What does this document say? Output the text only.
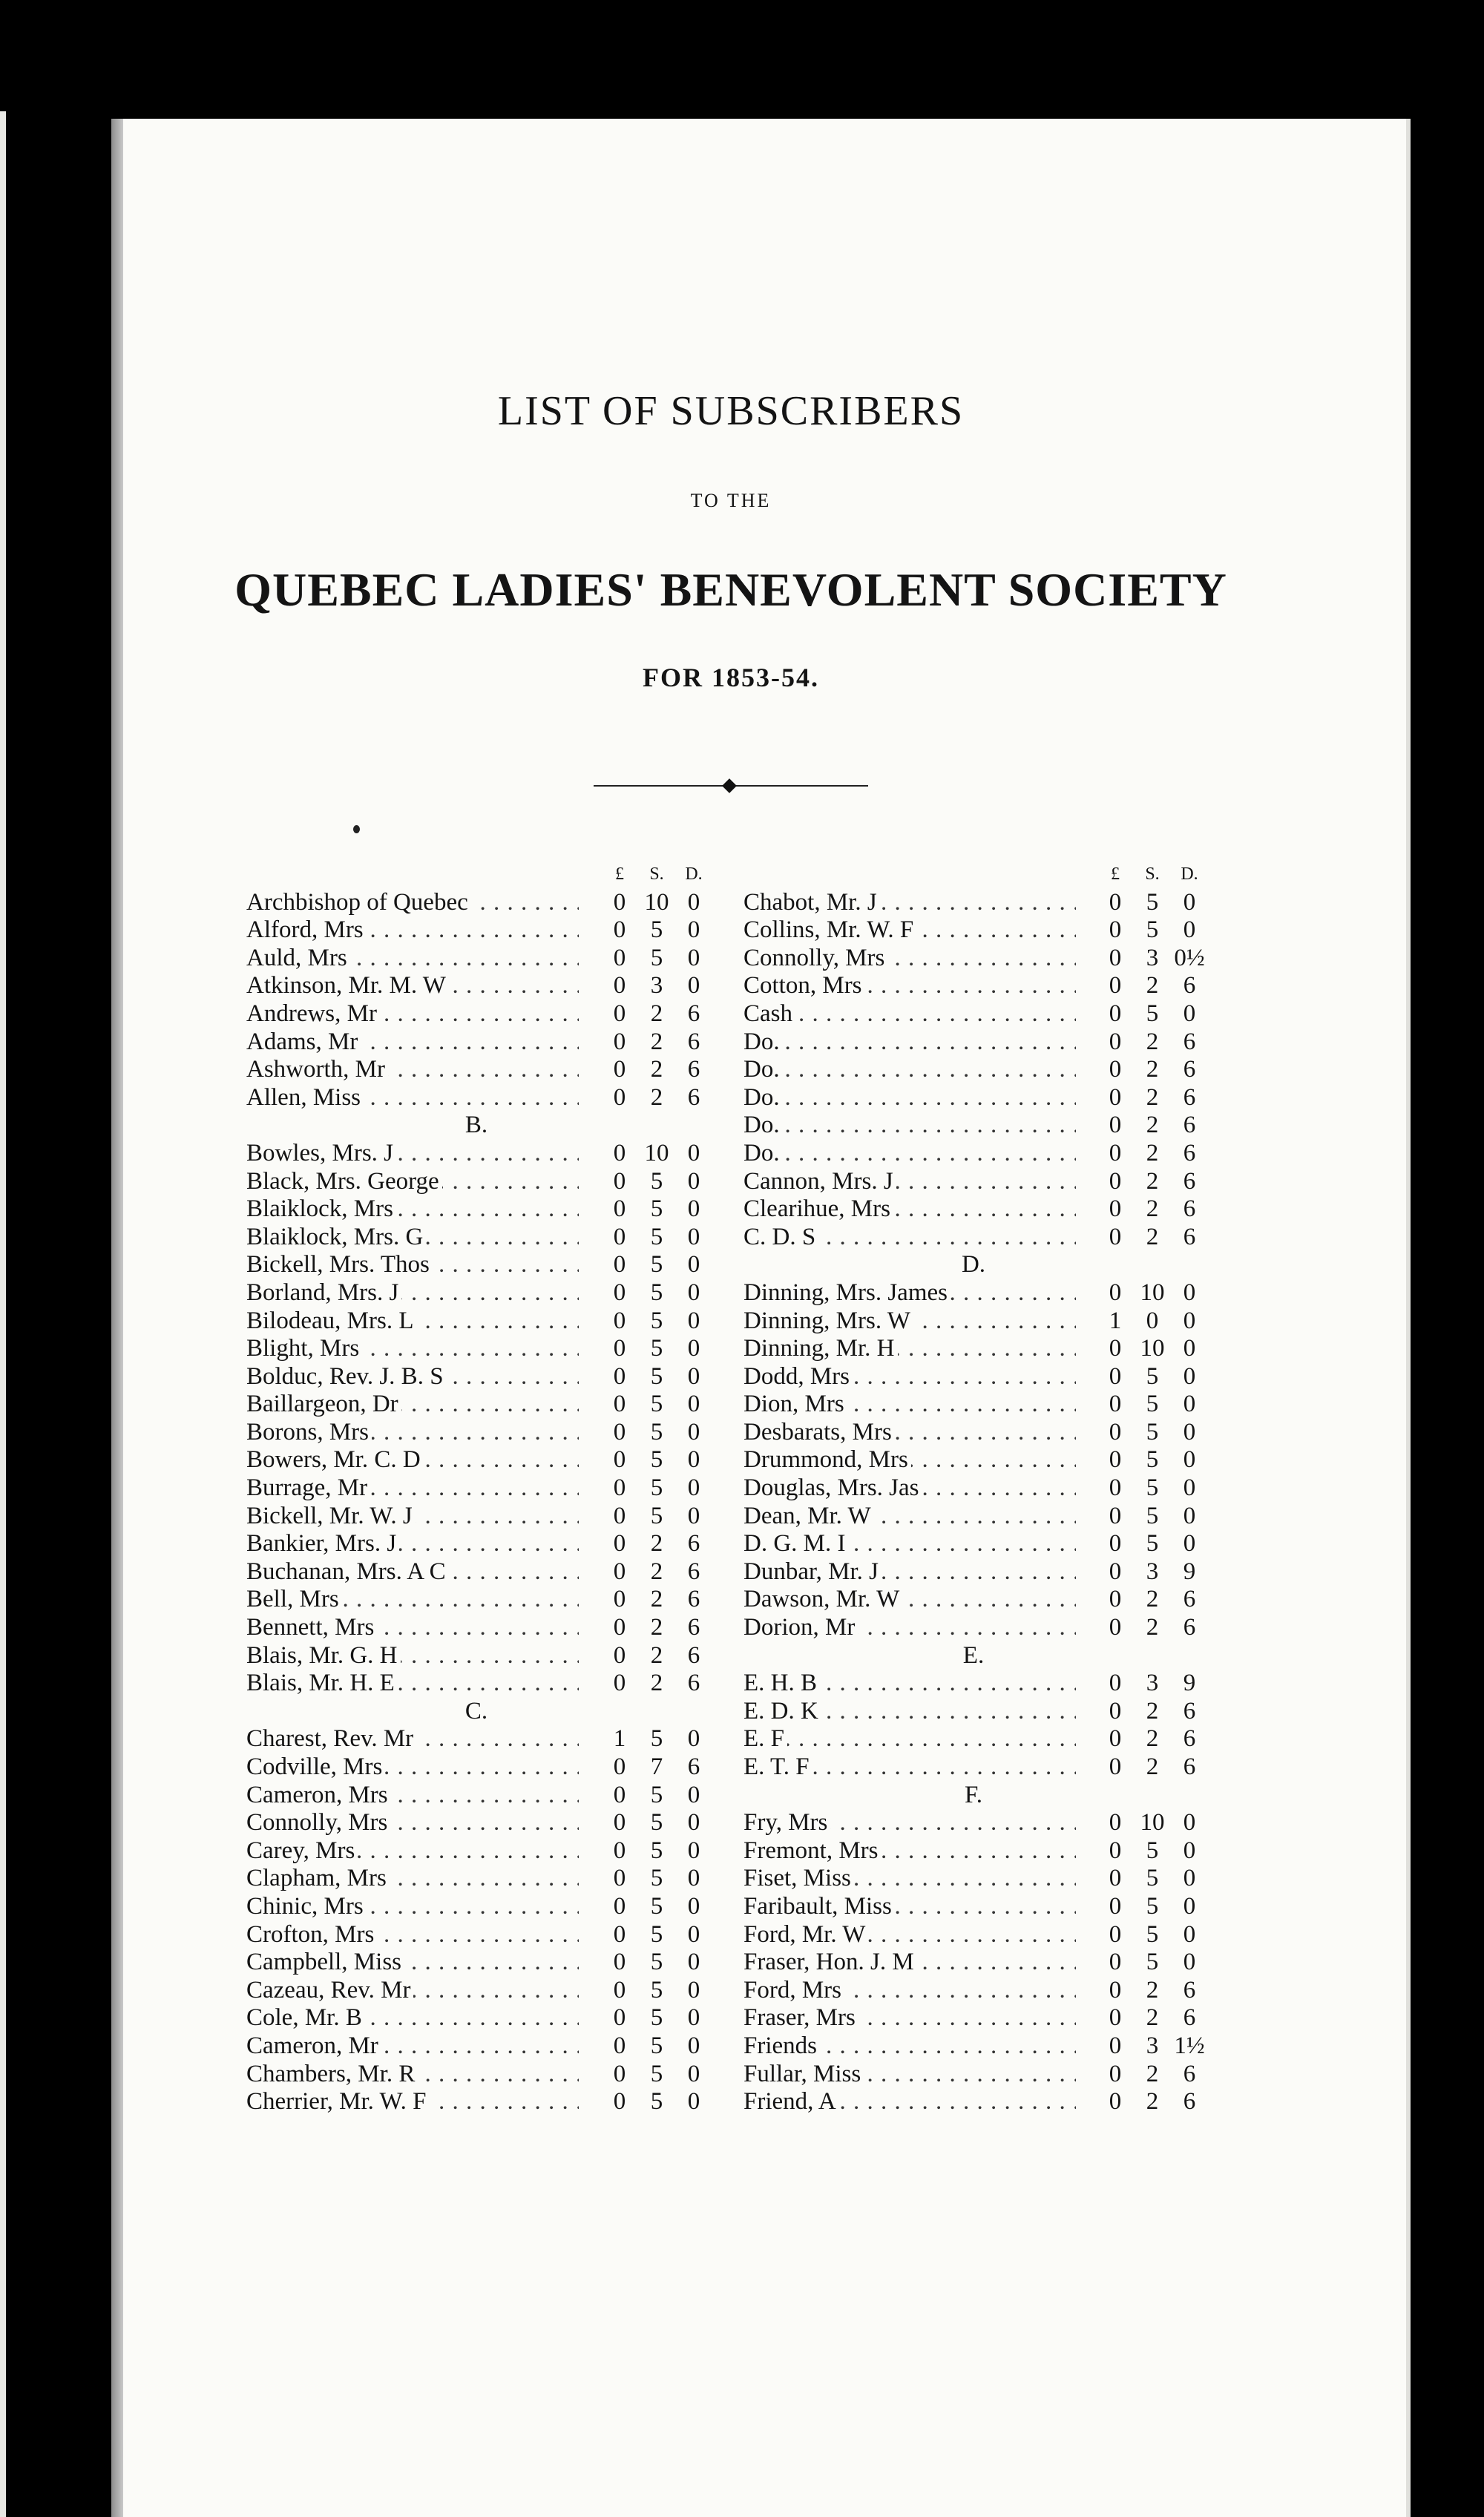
LIST OF SUBSCRIBERS
TO THE
QUEBEC LADIES' BENEVOLENT SOCIETY
FOR 1853-54.
£	S.	D.
Archbishop of Quebec . . .	0 10 0
Alford, Mrs . . .	0	5	0
Auld, Mrs . . .	0	5	0
Atkinson, Mr. M. W . . .	0	3	0
Andrews, Mr . . .	0	2	6
Adams, Mr . . .	0	2	6
Ashworth, Mr . . .	0	2	6
Allen, Miss . . .	0	2	6
B.
Bowles, Mrs. J . . .	0 10 0
Black, Mrs. George . . .	0	5	0
Blaiklock, Mrs . . .	0	5	0
Blaiklock, Mrs. G . . .	0	5	0
Bickell, Mrs. Thos . . .	0	5	0
Borland, Mrs. J . . .	0	5	0
Bilodeau, Mrs. L . . .	0	5	0
Blight, Mrs . . .	0	5	0
Bolduc, Rev. J. B. S . . .	0	5	0
Baillargeon, Dr . . .	0	5	0
Borons, Mrs . . .	0	5	0
Bowers, Mr. C. D . . .	0	5	0
Burrage, Mr . . .	0	5	0
Bickell, Mr. W. J . . .	0	5	0
Bankier, Mrs. J . . .	0	2	6
Buchanan, Mrs. A C . . .	0	2	6
Bell, Mrs . . .	0	2	6
Bennett, Mrs . . .	0	2	6
Blais, Mr. G. H . . .	0	2	6
Blais, Mr. H. E . . .	0	2	6
C.
Charest, Rev. Mr . . .	1	5	0
Codville, Mrs . . .	0	7	6
Cameron, Mrs . . .	0	5	0
Connolly, Mrs . . .	0	5	0
Carey, Mrs . . .	0	5	0
Clapham, Mrs . . .	0	5	0
Chinic, Mrs . . .	0	5	0
Crofton, Mrs . . .	0	5	0
Campbell, Miss . . .	0	5	0
Cazeau, Rev. Mr . . .	0	5	0
Cole, Mr. B . . .	0	5	0
Cameron, Mr . . .	0	5	0
Chambers, Mr. R . . .	0	5	0
Cherrier, Mr. W. F . . .	0	5	0
£	S.	D.
Chabot, Mr. J . . .	0	5	0
Collins, Mr. W. F . . .	0	5	0
Connolly, Mrs . . .	0	3 0½
Cotton, Mrs . . .	0	2	6
Cash . . .	0	5	0
Do. . . .	0	2	6
Do. . . .	0	2	6
Do. . . .	0	2	6
Do. . . .	0	2	6
Do. . . .	0	2	6
Cannon, Mrs. J . . .	0	2	6
Clearihue, Mrs . . .	0	2	6
C. D. S . . .	0	2	6
D.
Dinning, Mrs. James . . .	0 10 0
Dinning, Mrs. W . . .	1	0	0
Dinning, Mr. H . . .	0 10 0
Dodd, Mrs . . .	0	5	0
Dion, Mrs . . .	0	5	0
Desbarats, Mrs . . .	0	5	0
Drummond, Mrs . . .	0	5	0
Douglas, Mrs. Jas . . .	0	5	0
Dean, Mr. W . . .	0	5	0
D. G. M. I . . .	0	5	0
Dunbar, Mr. J . . .	0	3	9
Dawson, Mr. W . . .	0	2	6
Dorion, Mr . . .	0	2	6
E.
E. H. B . . .	0	3	9
E. D. K . . .	0	2	6
E. F . . .	0	2	6
E. T. F . . .	0	2	6
F.
Fry, Mrs . . .	0 10 0
Fremont, Mrs . . .	0	5	0
Fiset, Miss . . .	0	5	0
Faribault, Miss . . .	0	5	0
Ford, Mr. W . . .	0	5	0
Fraser, Hon. J. M . . .	0	5	0
Ford, Mrs . . .	0	2	6
Fraser, Mrs . . .	0	2	6
Friends . . .	0	3 1½
Fullar, Miss . . .	0	2	6
Friend, A . . .	0	2	6
